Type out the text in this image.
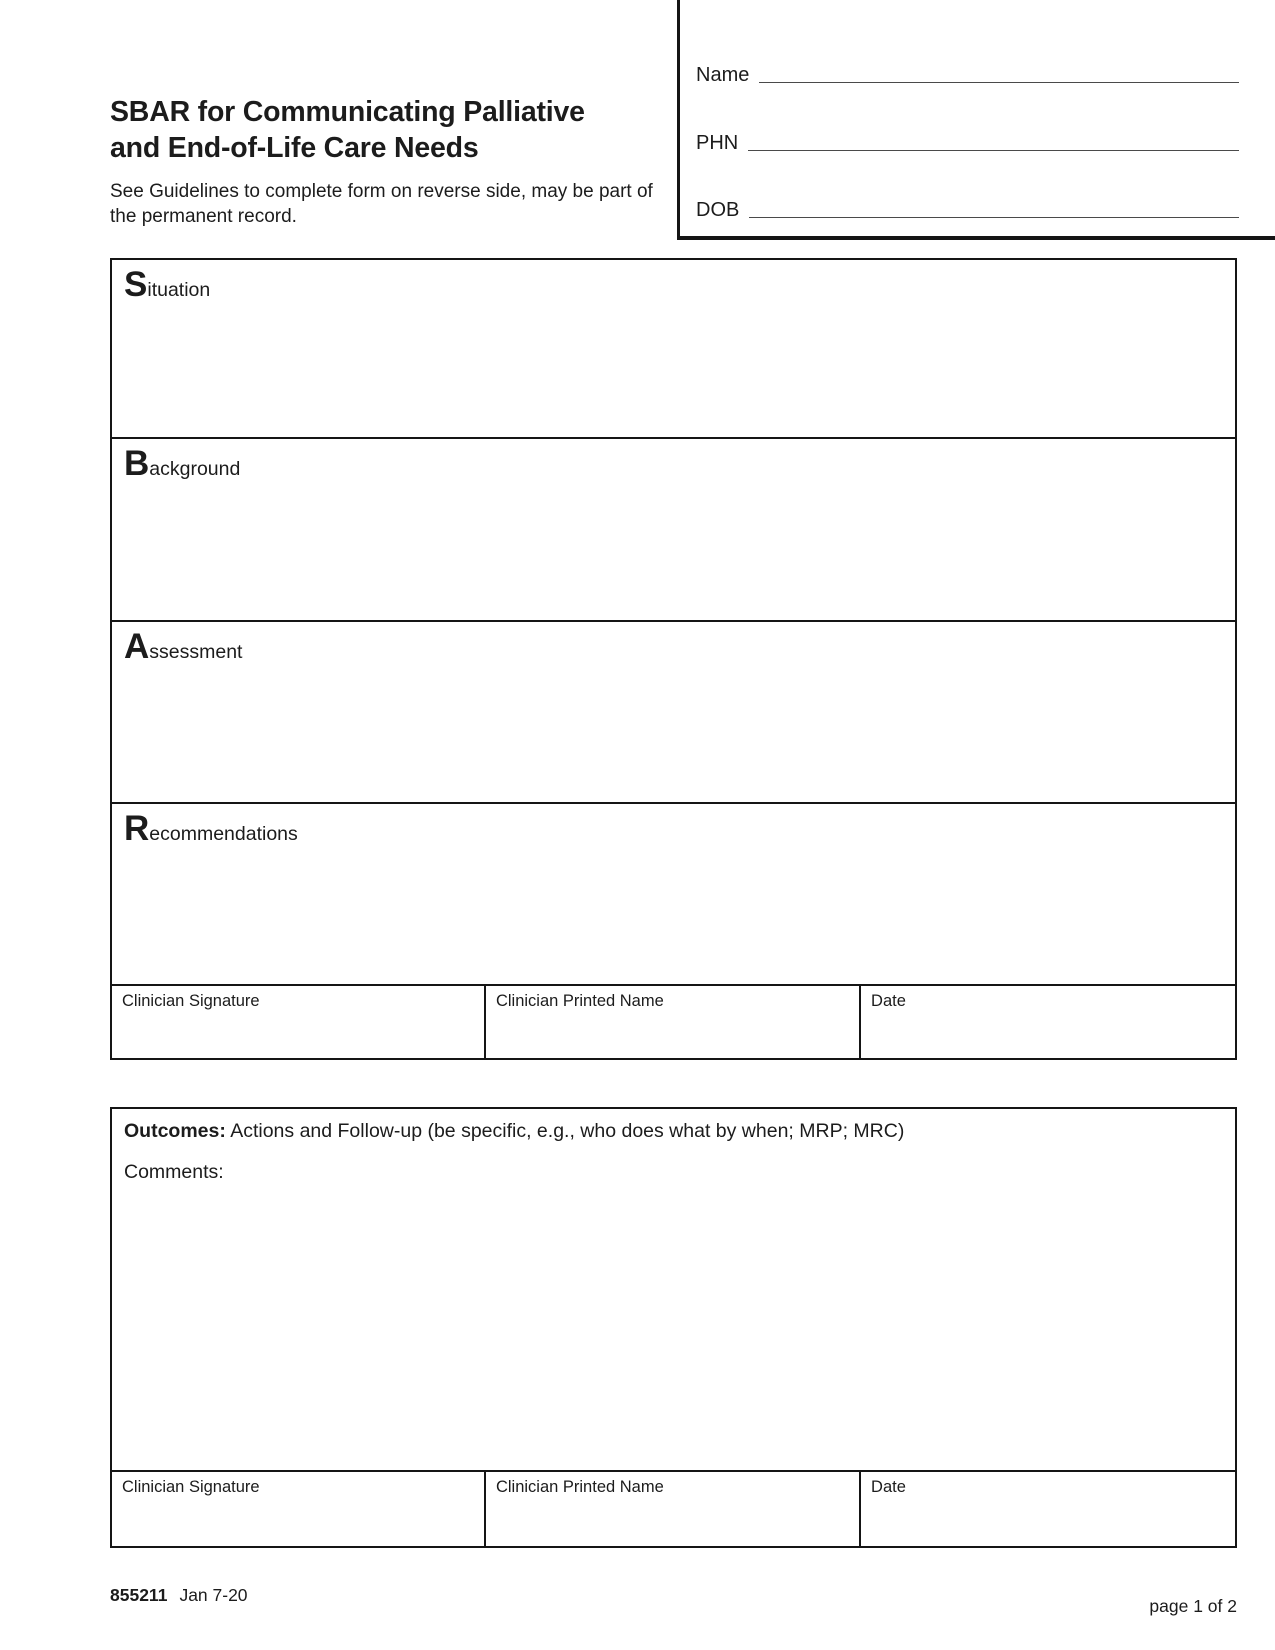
Name
PHN
DOB
SBAR for Communicating Palliative
and End-of-Life Care Needs
See Guidelines to complete form on reverse side, may be part of
the permanent record.
Situation
Background
Assessment
Recommendations
Clinician Signature	Clinician Printed Name	Date
Outcomes: Actions and Follow-up (be specific, e.g., who does what by when; MRP; MRC)
Comments:
Clinician Signature	Clinician Printed Name	Date
855211 Jan 7-20
page 1 of 2
